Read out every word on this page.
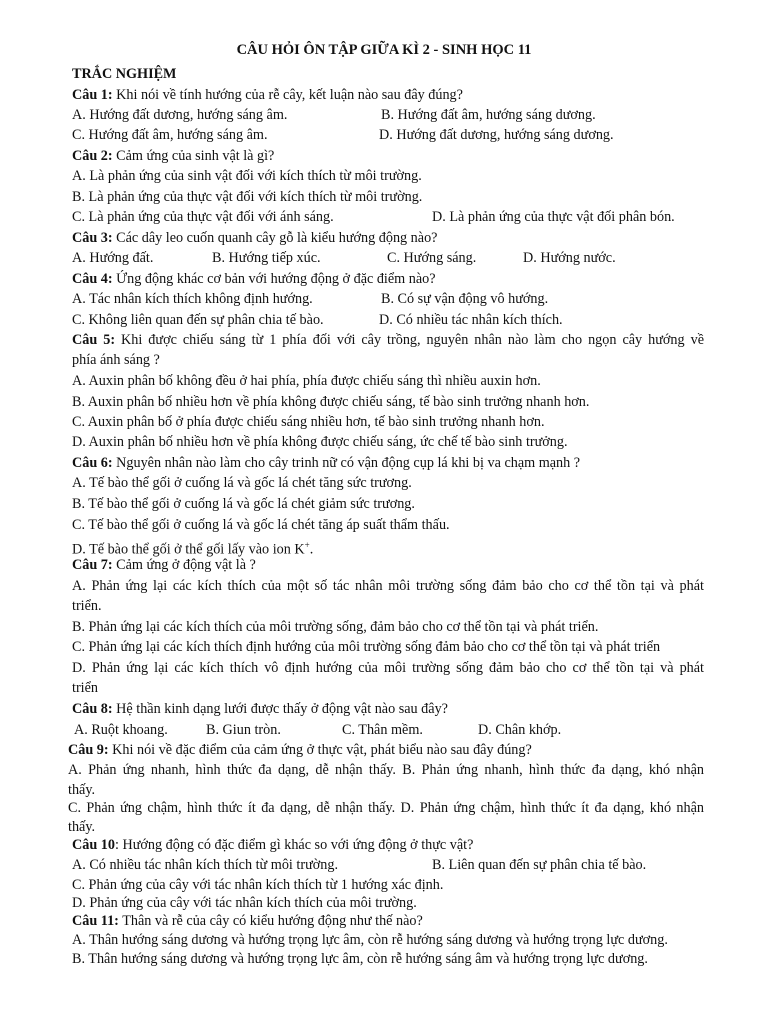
CÂU HỎI ÔN TẬP GIỮA KÌ 2 - SINH HỌC 11
TRẮC NGHIỆM
Câu 1: Khi nói về tính hướng của rễ cây, kết luận nào sau đây đúng?
A. Hướng đất dương, hướng sáng âm.	B. Hướng đất âm, hướng sáng dương.
C. Hướng đất âm, hướng sáng âm.	D. Hướng đất dương, hướng sáng dương.
Câu 2: Cảm ứng của sinh vật là gì?
A. Là phản ứng của sinh vật đối với kích thích từ môi trường.
B. Là phản ứng của thực vật đối với kích thích từ môi trường.
C. Là phản ứng của thực vật đối với ánh sáng.	D. Là phản ứng của thực vật đối phân bón.
Câu 3: Các dây leo cuốn quanh cây gỗ là kiểu hướng động nào?
A. Hướng đất.	B. Hướng tiếp xúc.	C. Hướng sáng.	D. Hướng nước.
Câu 4: Ứng động khác cơ bản với hướng động ở đặc điểm nào?
A. Tác nhân kích thích không định hướng.	B. Có sự vận động vô hướng.
C. Không liên quan đến sự phân chia tế bào.	D. Có nhiều tác nhân kích thích.
Câu 5: Khi được chiếu sáng từ 1 phía đối với cây trồng, nguyên nhân nào làm cho ngọn cây hướng về
phía ánh sáng ?
A. Auxin phân bố không đều ở hai phía, phía được chiếu sáng thì nhiều auxin hơn.
B. Auxin phân bố nhiều hơn về phía không được chiếu sáng, tế bào sinh trưởng nhanh hơn.
C. Auxin phân bố ở phía được chiếu sáng nhiều hơn, tế bào sinh trưởng nhanh hơn.
D. Auxin phân bố nhiều hơn về phía không được chiếu sáng, ức chế tế bào sinh trưởng.
Câu 6: Nguyên nhân nào làm cho cây trinh nữ có vận động cụp lá khi bị va chạm mạnh ?
A. Tế bào thể gối ở cuống lá và gốc lá chét tăng sức trương.
B. Tế bào thể gối ở cuống lá và gốc lá chét giảm sức trương.
C. Tế bào thể gối ở cuống lá và gốc lá chét tăng áp suất thẩm thấu.
D. Tế bào thể gối ở thể gối lấy vào ion K+.
Câu 7: Cảm ứng ở động vật là ?
A. Phản ứng lại các kích thích của một số tác nhân môi trường sống đảm bảo cho cơ thể tồn tại và phát
triển.
B. Phản ứng lại các kích thích của môi trường sống, đảm bảo cho cơ thể tồn tại và phát triển.
C. Phản ứng lại các kích thích định hướng của môi trường sống đảm bảo cho cơ thể tồn tại và phát triển
D. Phản ứng lại các kích thích vô định hướng của môi trường sống đảm bảo cho cơ thể tồn tại và phát
triển
Câu 8: Hệ thần kinh dạng lưới được thấy ở động vật nào sau đây?
A. Ruột khoang.	B. Giun tròn.	C. Thân mềm.	D. Chân khớp.
Câu 9: Khi nói về đặc điểm của cảm ứng ở thực vật, phát biểu nào sau đây đúng?
A. Phản ứng nhanh, hình thức đa dạng, dễ nhận thấy. B. Phản ứng nhanh, hình thức đa dạng, khó nhận
thấy.
C. Phản ứng chậm, hình thức ít đa dạng, dễ nhận thấy. D. Phản ứng chậm, hình thức ít đa dạng, khó nhận
thấy.
Câu 10: Hướng động có đặc điểm gì khác so với ứng động ở thực vật?
A. Có nhiều tác nhân kích thích từ môi trường.	B. Liên quan đến sự phân chia tế bào.
C. Phản ứng của cây với tác nhân kích thích từ 1 hướng xác định.
D. Phản ứng của cây với tác nhân kích thích của môi trường.
Câu 11: Thân và rễ của cây có kiểu hướng động như thế nào?
A. Thân hướng sáng dương và hướng trọng lực âm, còn rễ hướng sáng dương và hướng trọng lực dương.
B. Thân hướng sáng dương và hướng trọng lực âm, còn rễ hướng sáng âm và hướng trọng lực dương.
